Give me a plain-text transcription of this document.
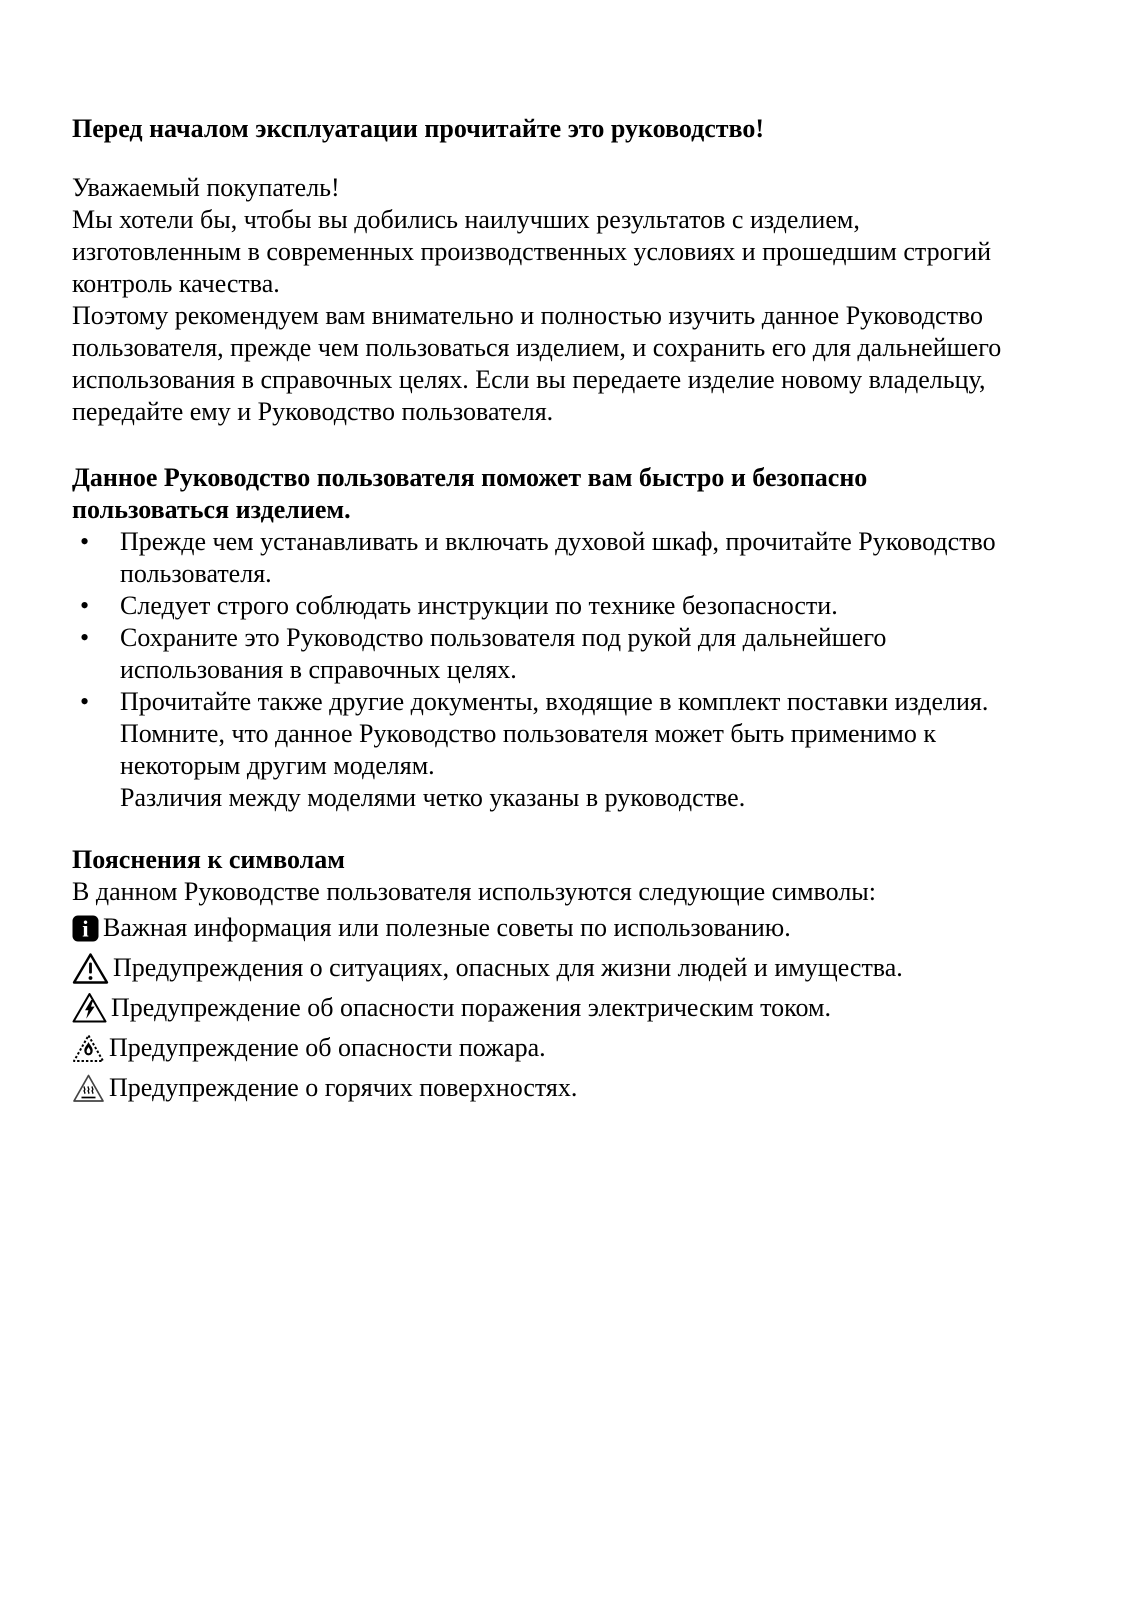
Перед началом эксплуатации прочитайте это руководство!
Уважаемый покупатель!
Мы хотели бы, чтобы вы добились наилучших результатов с изделием,
изготовленным в современных производственных условиях и прошедшим строгий
контроль качества.
Поэтому рекомендуем вам внимательно и полностью изучить данное Руководство
пользователя, прежде чем пользоваться изделием, и сохранить его для дальнейшего
использования в справочных целях. Если вы передаете изделие новому владельцу,
передайте ему и Руководство пользователя.
Данное Руководство пользователя поможет вам быстро и безопасно
пользоваться изделием.
•	Прежде чем устанавливать и включать духовой шкаф, прочитайте Руководство
пользователя.
•	Следует строго соблюдать инструкции по технике безопасности.
•	Сохраните это Руководство пользователя под рукой для дальнейшего
использования в справочных целях.
•	Прочитайте также другие документы, входящие в комплект поставки изделия.
Помните, что данное Руководство пользователя может быть применимо к
некоторым другим моделям.
Различия между моделями четко указаны в руководстве.
Пояснения к символам
В данном Руководстве пользователя используются следующие символы:
i Важная информация или полезные советы по использованию.
Предупреждения о ситуациях, опасных для жизни людей и имущества.
Предупреждение об опасности поражения электрическим током.
Предупреждение об опасности пожара.
Предупреждение о горячих поверхностях.
